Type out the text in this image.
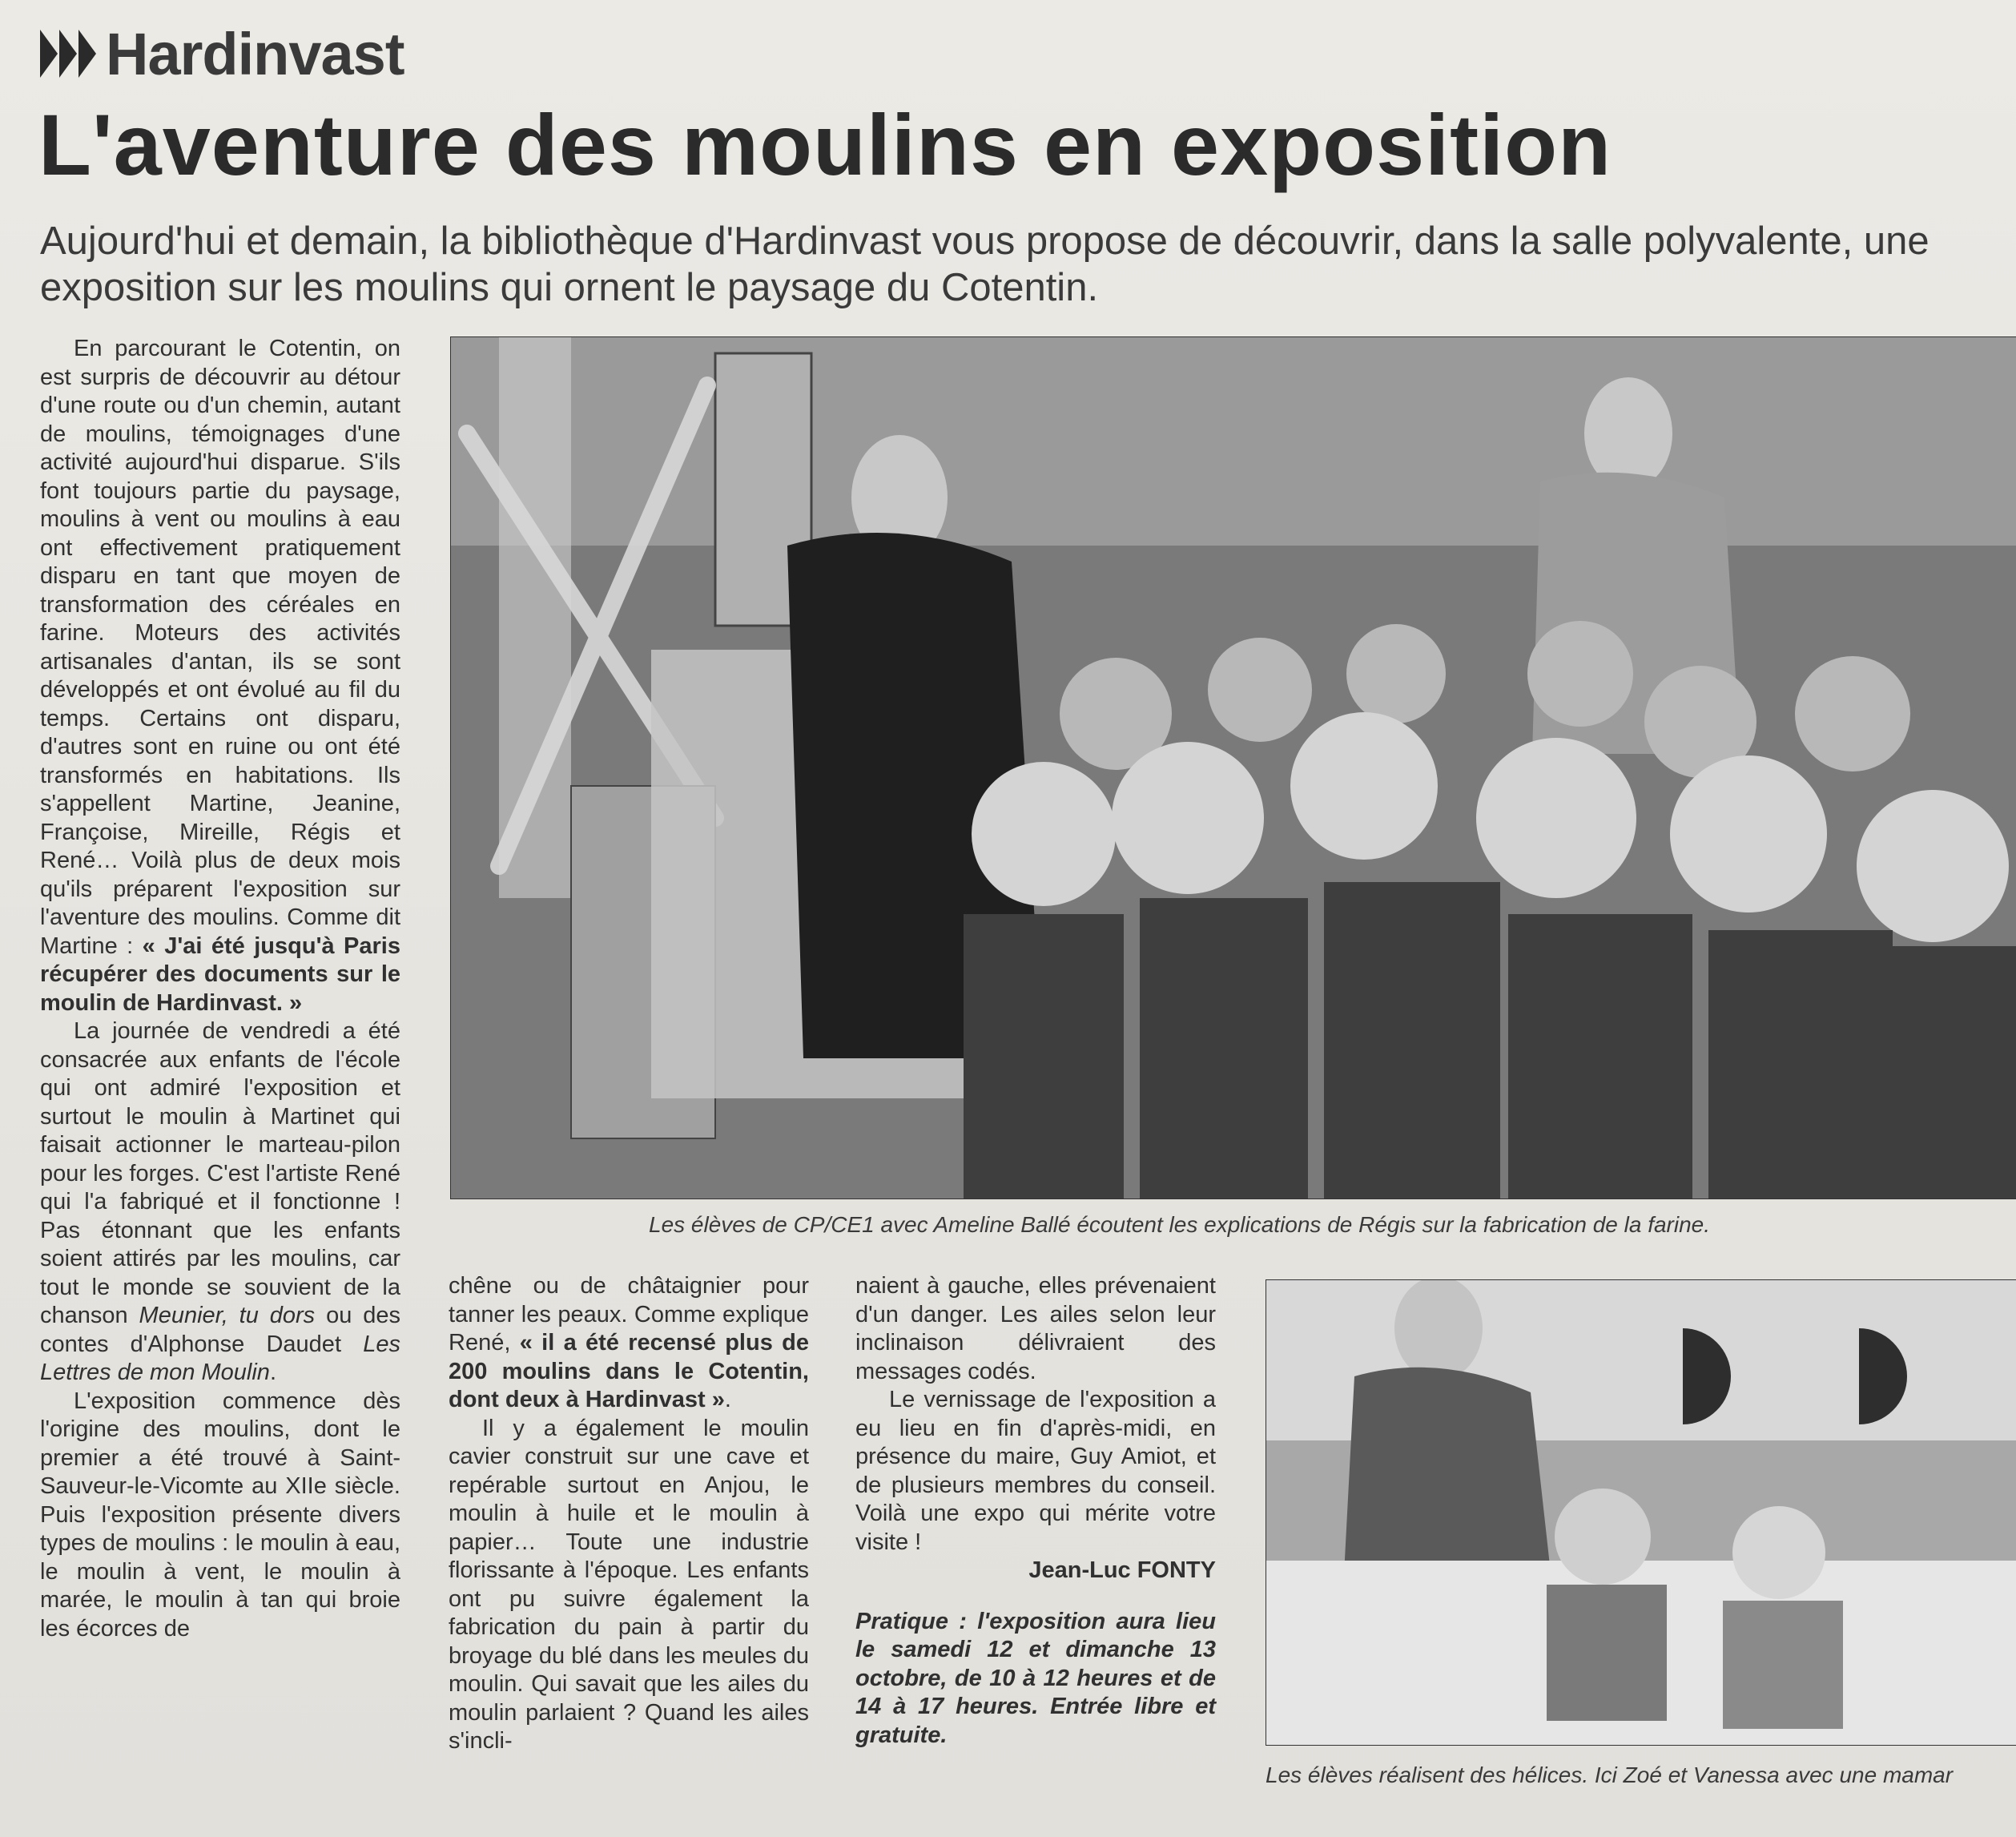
Hardinvast
L'aventure des moulins en exposition
Aujourd'hui et demain, la bibliothèque d'Hardinvast vous propose de découvrir, dans la salle polyvalente, une
exposition sur les moulins qui ornent le paysage du Cotentin.

En parcourant le Cotentin, on est surpris de découvrir au détour d'une route ou d'un chemin, autant de moulins, témoignages d'une activité aujourd'hui disparue. S'ils font toujours partie du paysage, moulins à vent ou moulins à eau ont effectivement pratiquement disparu en tant que moyen de transformation des céréales en farine. Moteurs des activités artisanales d'antan, ils se sont développés et ont évolué au fil du temps. Certains ont disparu, d'autres sont en ruine ou ont été transformés en habitations. Ils s'appellent Martine, Jeanine, Françoise, Mireille, Régis et René… Voilà plus de deux mois qu'ils préparent l'exposition sur l'aventure des moulins. Comme dit Martine : « J'ai été jusqu'à Paris récupérer des documents sur le moulin de Hardinvast. »

La journée de vendredi a été consacrée aux enfants de l'école qui ont admiré l'exposition et surtout le moulin à Martinet qui faisait actionner le marteau-pilon pour les forges. C'est l'artiste René qui l'a fabriqué et il fonctionne ! Pas étonnant que les enfants soient attirés par les moulins, car tout le monde se souvient de la chanson Meunier, tu dors ou des contes d'Alphonse Daudet Les Lettres de mon Moulin.

L'exposition commence dès l'origine des moulins, dont le premier a été trouvé à Saint-Sauveur-le-Vicomte au XIIe siècle. Puis l'exposition présente divers types de moulins : le moulin à eau, le moulin à vent, le moulin à marée, le moulin à tan qui broie les écorces de

chêne ou de châtaignier pour tanner les peaux. Comme explique René, « il a été recensé plus de 200 moulins dans le Cotentin, dont deux à Hardinvast ».

Il y a également le moulin cavier construit sur une cave et repérable surtout en Anjou, le moulin à huile et le moulin à papier… Toute une industrie florissante à l'époque. Les enfants ont pu suivre également la fabrication du pain à partir du broyage du blé dans les meules du moulin. Qui savait que les ailes du moulin parlaient ? Quand les ailes s'incli-

naient à gauche, elles prévenaient d'un danger. Les ailes selon leur inclinaison délivraient des messages codés.

Le vernissage de l'exposition a eu lieu en fin d'après-midi, en présence du maire, Guy Amiot, et de plusieurs membres du conseil. Voilà une expo qui mérite votre visite !

Jean-Luc FONTY

Pratique : l'exposition aura lieu le samedi 12 et dimanche 13 octobre, de 10 à 12 heures et de 14 à 17 heures. Entrée libre et gratuite.

Les élèves de CP/CE1 avec Ameline Ballé écoutent les explications de Régis sur la fabrication de la farine.
Les élèves réalisent des hélices. Ici Zoé et Vanessa avec une mamar
